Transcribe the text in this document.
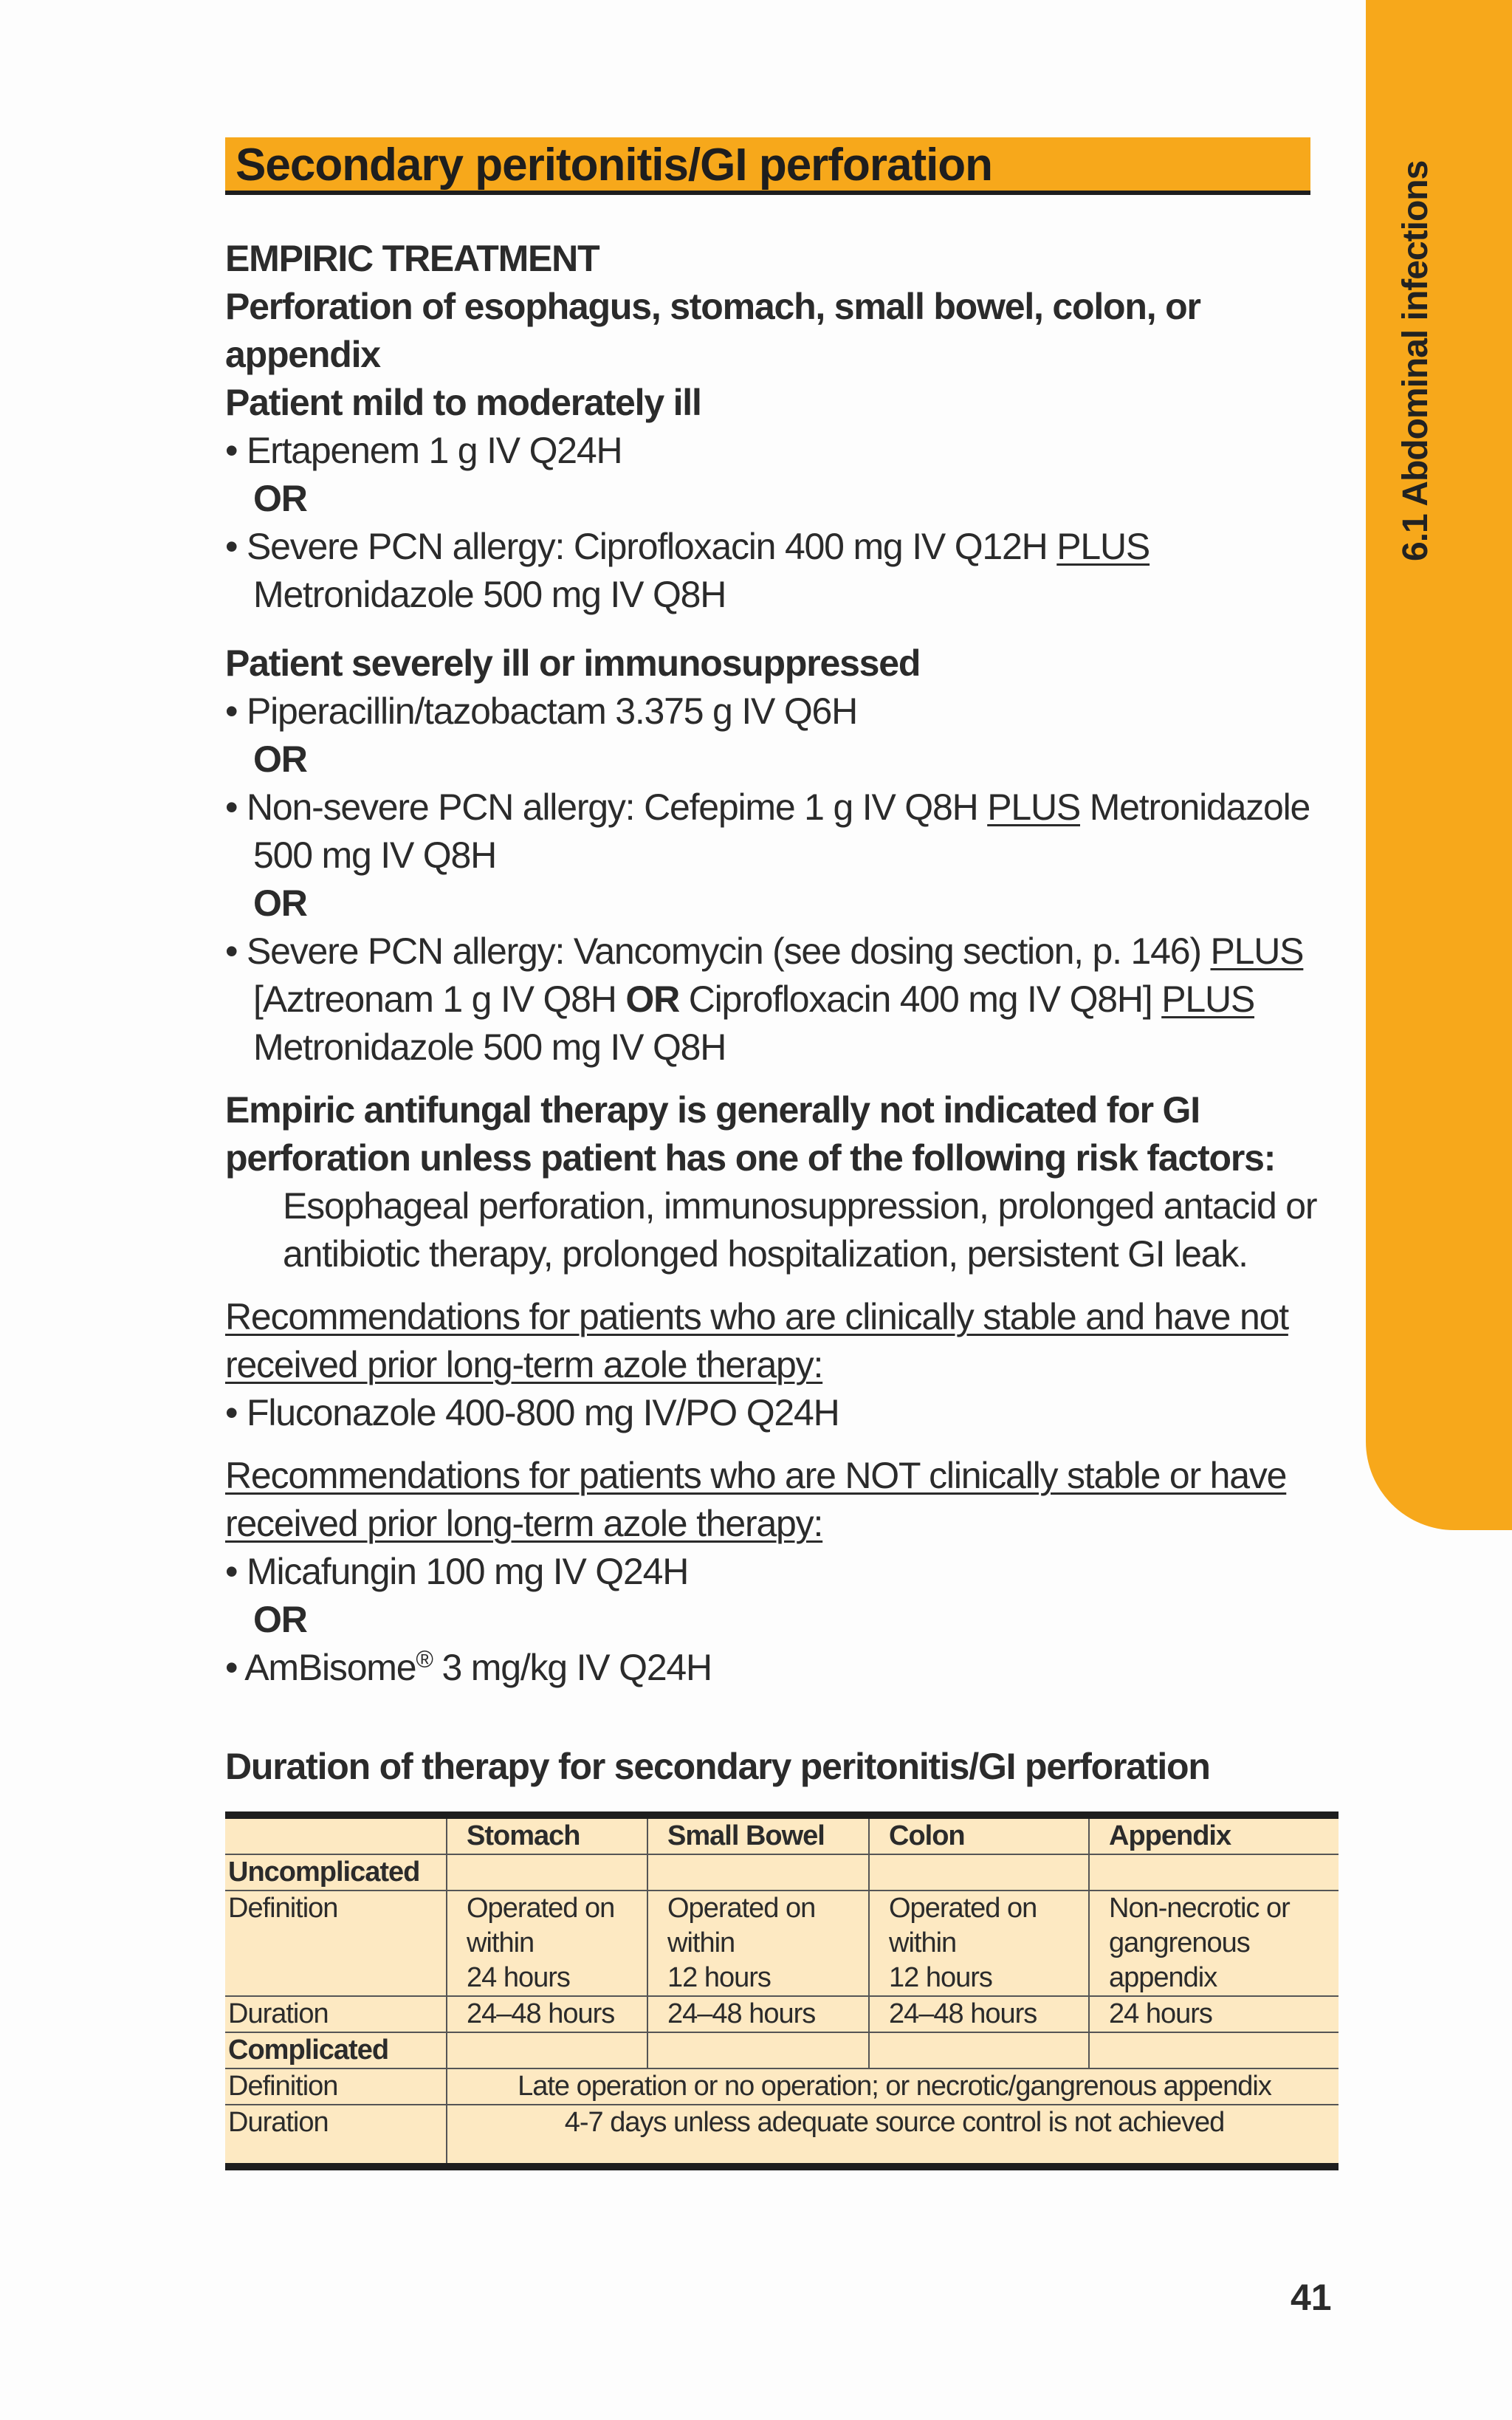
6.1 Abdominal infections
Secondary peritonitis/GI perforation
EMPIRIC TREATMENT
Perforation of esophagus, stomach, small bowel, colon, or appendix
Patient mild to moderately ill
• Ertapenem 1 g IV Q24H
OR
• Severe PCN allergy: Ciprofloxacin 400 mg IV Q12H PLUS
Metronidazole 500 mg IV Q8H
Patient severely ill or immunosuppressed
• Piperacillin/tazobactam 3.375 g IV Q6H
OR
• Non-severe PCN allergy: Cefepime 1 g IV Q8H PLUS Metronidazole
500 mg IV Q8H
OR
• Severe PCN allergy: Vancomycin (see dosing section, p. 146) PLUS
[Aztreonam 1 g IV Q8H OR Ciprofloxacin 400 mg IV Q8H] PLUS
Metronidazole 500 mg IV Q8H
Empiric antifungal therapy is generally not indicated for GI perforation unless patient has one of the following risk factors:
Esophageal perforation, immunosuppression, prolonged antacid or antibiotic therapy, prolonged hospitalization, persistent GI leak.
Recommendations for patients who are clinically stable and have not received prior long-term azole therapy:
• Fluconazole 400-800 mg IV/PO Q24H
Recommendations for patients who are NOT clinically stable or have received prior long-term azole therapy:
• Micafungin 100 mg IV Q24H
OR
• AmBisome® 3 mg/kg IV Q24H
Duration of therapy for secondary peritonitis/GI perforation
	Stomach	Small Bowel	Colon	Appendix
Uncomplicated				
Definition	Operated on
within
24 hours	Operated on
within
12 hours	Operated on
within
12 hours	Non-necrotic or
gangrenous
appendix

Duration	24–48 hours	24–48 hours	24–48 hours	24 hours
Complicated				
Definition	Late operation or no operation; or necrotic/gangrenous appendix			
Duration	4-7 days unless adequate source control is not achieved			
41
